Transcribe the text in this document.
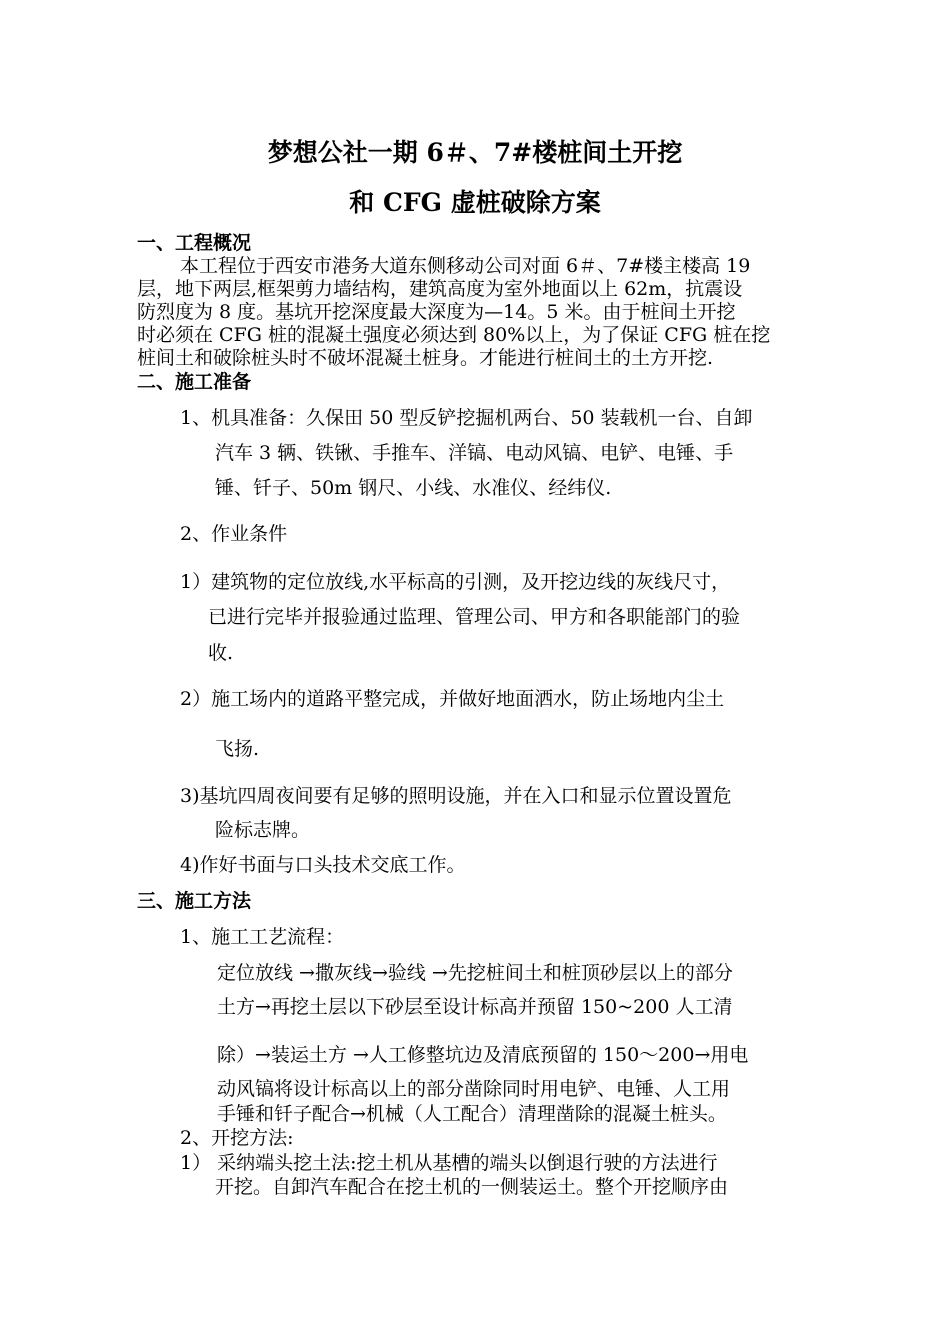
梦想公社一期 6＃、7#楼桩间土开挖
和 CFG 虚桩破除方案
一、工程概况
本工程位于西安市港务大道东侧移动公司对面 6＃、7#楼主楼高 19
层，地下两层,框架剪力墙结构，建筑高度为室外地面以上 62m，抗震设
防烈度为 8 度。基坑开挖深度最大深度为—14。5 米。由于桩间土开挖
时必须在 CFG 桩的混凝土强度必须达到 80%以上，为了保证 CFG 桩在挖
桩间土和破除桩头时不破坏混凝土桩身。才能进行桩间土的土方开挖.
二、施工准备
1、机具准备：久保田 50 型反铲挖掘机两台、50 装载机一台、自卸
汽车 3 辆、铁锹、手推车、洋镐、电动风镐、电铲、电锤、手
锤、钎子、50m 钢尺、小线、水准仪、经纬仪.
2、作业条件
1）建筑物的定位放线,水平标高的引测，及开挖边线的灰线尺寸，
已进行完毕并报验通过监理、管理公司、甲方和各职能部门的验
收.
2）施工场内的道路平整完成，并做好地面洒水，防止场地内尘土
飞扬.
3)基坑四周夜间要有足够的照明设施，并在入口和显示位置设置危
险标志牌。
4)作好书面与口头技术交底工作。
三、施工方法
1、施工工艺流程：
定位放线 →撒灰线→验线 →先挖桩间土和桩顶砂层以上的部分
土方→再挖土层以下砂层至设计标高并预留 150~200 人工清
除）→装运土方 →人工修整坑边及清底预留的 150～200→用电
动风镐将设计标高以上的部分凿除同时用电铲、电锤、人工用
手锤和钎子配合→机械（人工配合）清理凿除的混凝土桩头。
2、开挖方法:
1） 采纳端头挖土法:挖土机从基槽的端头以倒退行驶的方法进行
开挖。自卸汽车配合在挖土机的一侧装运土。整个开挖顺序由
